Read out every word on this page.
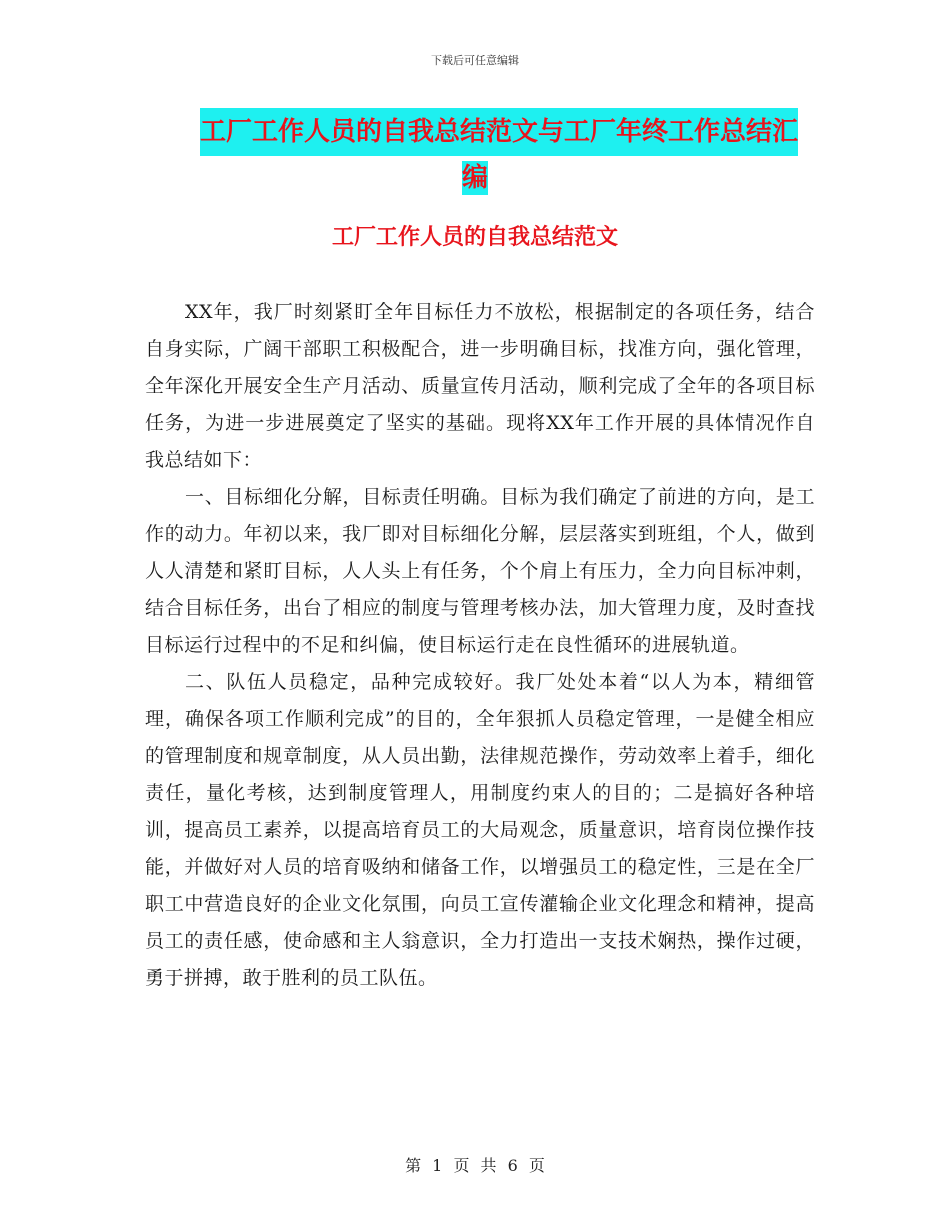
下载后可任意编辑
工厂工作人员的自我总结范文与工厂年终工作总结汇
编
工厂工作人员的自我总结范文

XX年，我厂时刻紧盯全年目标任力不放松，根据制定的各项任务，结合自身实际，广阔干部职工积极配合，进一步明确目标，找准方向，强化管理，全年深化开展安全生产月活动、质量宣传月活动，顺利完成了全年的各项目标任务，为进一步进展奠定了坚实的基础。现将XX年工作开展的具体情况作自我总结如下：

一、目标细化分解，目标责任明确。目标为我们确定了前进的方向，是工作的动力。年初以来，我厂即对目标细化分解，层层落实到班组，个人，做到人人清楚和紧盯目标，人人头上有任务，个个肩上有压力，全力向目标冲刺，结合目标任务，出台了相应的制度与管理考核办法，加大管理力度，及时查找目标运行过程中的不足和纠偏，使目标运行走在良性循环的进展轨道。

二、队伍人员稳定，品种完成较好。我厂处处本着“以人为本，精细管理，确保各项工作顺利完成”的目的，全年狠抓人员稳定管理，一是健全相应的管理制度和规章制度，从人员出勤，法律规范操作，劳动效率上着手，细化责任，量化考核，达到制度管理人，用制度约束人的目的；二是搞好各种培训，提高员工素养，以提高培育员工的大局观念，质量意识，培育岗位操作技能，并做好对人员的培育吸纳和储备工作，以增强员工的稳定性，三是在全厂职工中营造良好的企业文化氛围，向员工宣传灌输企业文化理念和精神，提高员工的责任感，使命感和主人翁意识，全力打造出一支技术娴热，操作过硬，勇于拼搏，敢于胜利的员工队伍。

第 1 页 共 6 页
